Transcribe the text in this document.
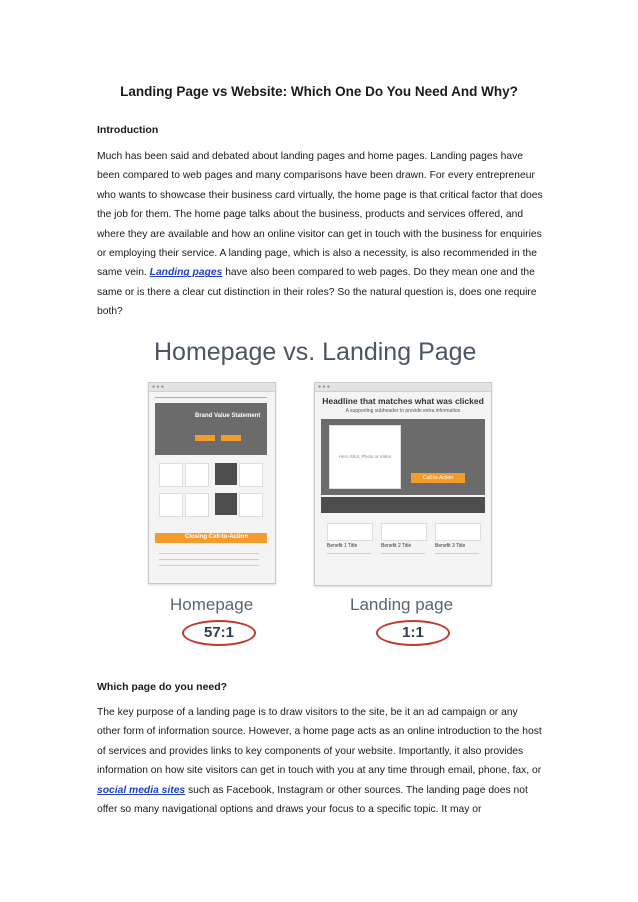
Landing Page vs Website: Which One Do You Need And Why?
Introduction
Much has been said and debated about landing pages and home pages. Landing pages have been compared to web pages and many comparisons have been drawn. For every entrepreneur who wants to showcase their business card virtually, the home page is that critical factor that does the job for them. The home page talks about the business, products and services offered, and where they are available and how an online visitor can get in touch with the business for enquiries or employing their service. A landing page, which is also a necessity, is also recommended in the same vein. Landing pages have also been compared to web pages. Do they mean one and the same or is there a clear cut distinction in their roles? So the natural question is, does one require both?
Homepage vs. Landing Page
● ● ●
Brand Value Statement
Closing Call-to-Action
● ● ●
Headline that matches what was clicked
A supporting subheader to provide extra information
Hero Shot, Photo or Video
Call-to-Action
Benefit 1 Title	Benefit 2 Title	Benefit 3 Title
Homepage
57:1
Landing page
1:1
Which page do you need?
The key purpose of a landing page is to draw visitors to the site, be it an ad campaign or any other form of information source. However, a home page acts as an online introduction to the host of services and provides links to key components of your website. Importantly, it also provides information on how site visitors can get in touch with you at any time through email, phone, fax, or social media sites such as Facebook, Instagram or other sources. The landing page does not offer so many navigational options and draws your focus to a specific topic. It may or
